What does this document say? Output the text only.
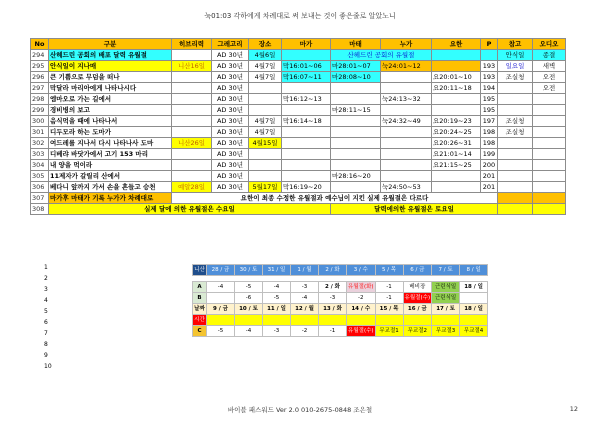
눅01:03 각하에게 차례대로 써 보내는 것이 좋은줄로 알았노니
No	구분	히브리력	그레고리	장소	마가	마태	누가	요한	P	참고	오디오
294	산헤드린 공회의 배포 달력 유월절		AD 30년	4월6일		산헤드린 공회의 유월절				안식일	종결
295	안식일이 지나매	니산16일	AD 30년	4월7일	막16:01~06	마28:01~07	눅24:01~12		193	일요일	새벽
296	큰 기쁨으로 무덤을 떠나		AD 30년	4월7일	막16:07~11	마28:08~10		요20:01~10	193	조실청	오전
297	막달라 마리아에게 나타나시다		AD 30년					요20:11~18	194		오전
298	엠마오로 가는 길에서		AD 30년		막16:12~13		눅24:13~32		195		
299	경비병의 보고		AD 30년			마28:11~15			195		
300	음식먹을 때에 나타나서		AD 30년	4월7일	막16:14~18		눅24:32~49	요20:19~23	197	조실청	
301	디두모라 하는 도마가		AD 30년	4월7일				요20:24~25	198	조실청	
302	여드레를 지나서 다시 나타나사 도마	니산26일	AD 30년	4월15일				요20:26~31	198		
303	디베랴 바닷가에서 고기 153 마리		AD 30년					요21:01~14	199		
304	내 양을 먹이라		AD 30년					요21:15~25	200		
305	11제자가 갈릴리 산에서		AD 30년			마28:16~20			201		
306	베다니 앞까지 가서 손을 흔들고 승천	예알28일	AD 30년	5월17일	막16:19~20		눅24:50~53		201		
307	마가후 마태가 기록 누가가 차례대로	요한이 최종 수정한 유월절과 예수님이 지킨 실제 유월절은 다르다									
308	실제 달에 의한 유월절은 수요일					달력에의한 유월절은 토요일					
1
2
3
4
5
6
7
8
9
10
니산	28 / 금	30 / 토	31 / 일	1 / 월	2 / 화	3 / 수	5 / 목	6 / 금	7 / 토	8 / 일

A	-4	-5	-4	-3	2 / 화	유월절(화)	-1	베비장	근린식일	18 / 일
B		-6	-5	-4	-3	-2	-1	유월절(수)	근린식일	
날짜	9 / 금	10 / 토	11 / 일	12 / 월	13 / 화	14 / 수	15 / 목	16 / 금	17 / 토	18 / 일
시간										
C	-5	-4	-3	-2	-1	유월절(수)	무교절1	무교절2	무교절3	무교절4
바이블 패스워드 Ver 2.0 010-2675-0848 조은철	12
